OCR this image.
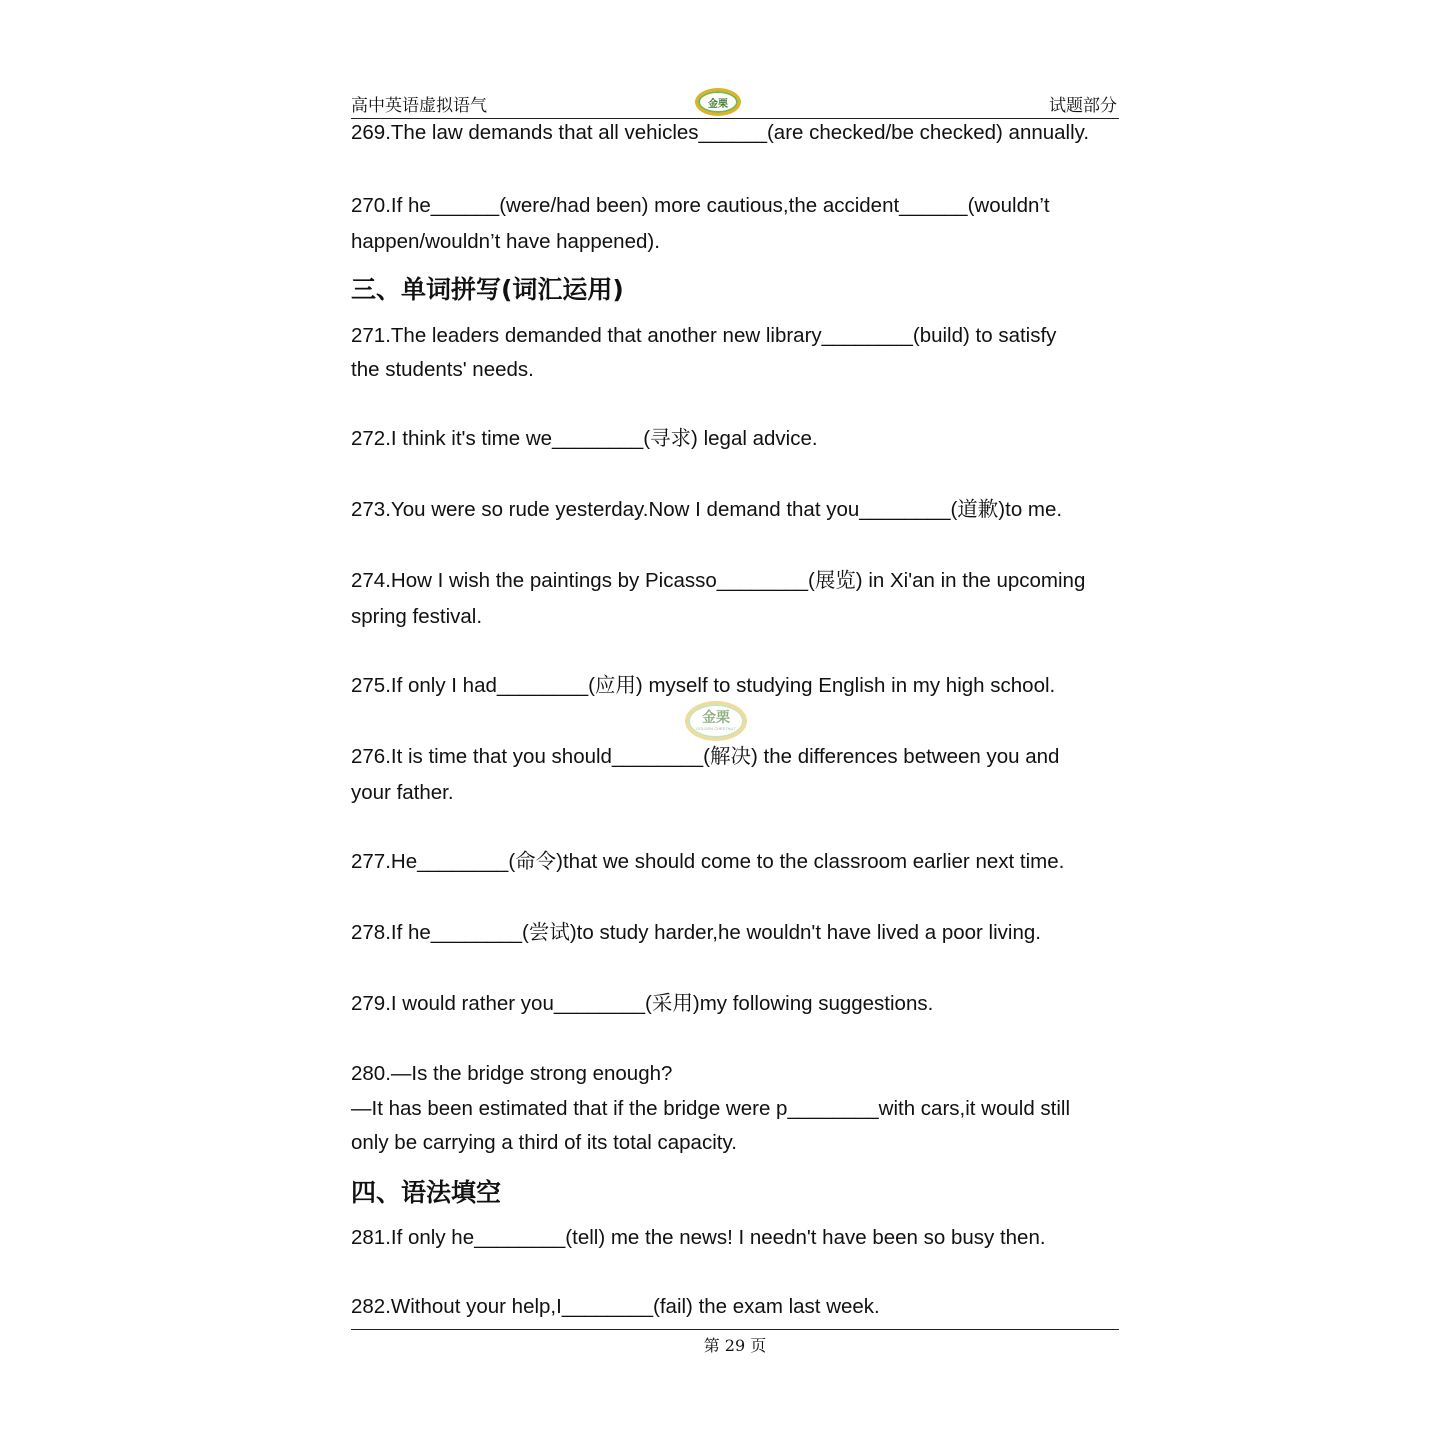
高中英语虚拟语气	金栗	试题部分
269.The law demands that all vehicles______(are checked/be checked) annually.
270.If he______(were/had been) more cautious,the accident______(wouldn’t
happen/wouldn’t have happened).
三、单词拼写(词汇运用)
271.The leaders demanded that another new library________(build) to satisfy
the students' needs.
272.I think it's time we________(寻求) legal advice.
273.You were so rude yesterday.Now I demand that you________(道歉)to me.
274.How I wish the paintings by Picasso________(展览) in Xi'an in the upcoming
spring festival.
275.If only I had________(应用) myself to studying English in my high school.
金栗
GOLDEN CHESTNUT
276.It is time that you should________(解决) the differences between you and
your father.
277.He________(命令)that we should come to the classroom earlier next time.
278.If he________(尝试)to study harder,he wouldn't have lived a poor living.
279.I would rather you________(采用)my following suggestions.
280.—Is the bridge strong enough?
—It has been estimated that if the bridge were p________with cars,it would still
only be carrying a third of its total capacity.
四、语法填空
281.If only he________(tell) me the news! I needn't have been so busy then.
282.Without your help,I________(fail) the exam last week.
第 29 页
